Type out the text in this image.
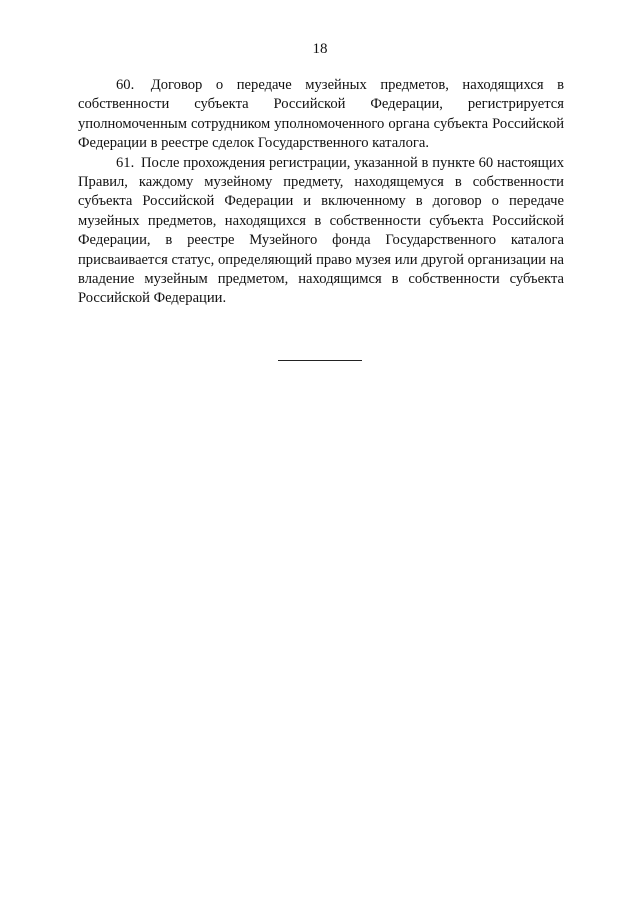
18

60. Договор о передаче музейных предметов, находящихся в собственности субъекта Российской Федерации, регистрируется уполномоченным сотрудником уполномоченного органа субъекта Российской Федерации в реестре сделок Государственного каталога.

61. После прохождения регистрации, указанной в пункте 60 настоящих Правил, каждому музейному предмету, находящемуся в собственности субъекта Российской Федерации и включенному в договор о передаче музейных предметов, находящихся в собственности субъекта Российской Федерации, в реестре Музейного фонда Государственного каталога присваивается статус, определяющий право музея или другой организации на владение музейным предметом, находящимся в собственности субъекта Российской Федерации.
